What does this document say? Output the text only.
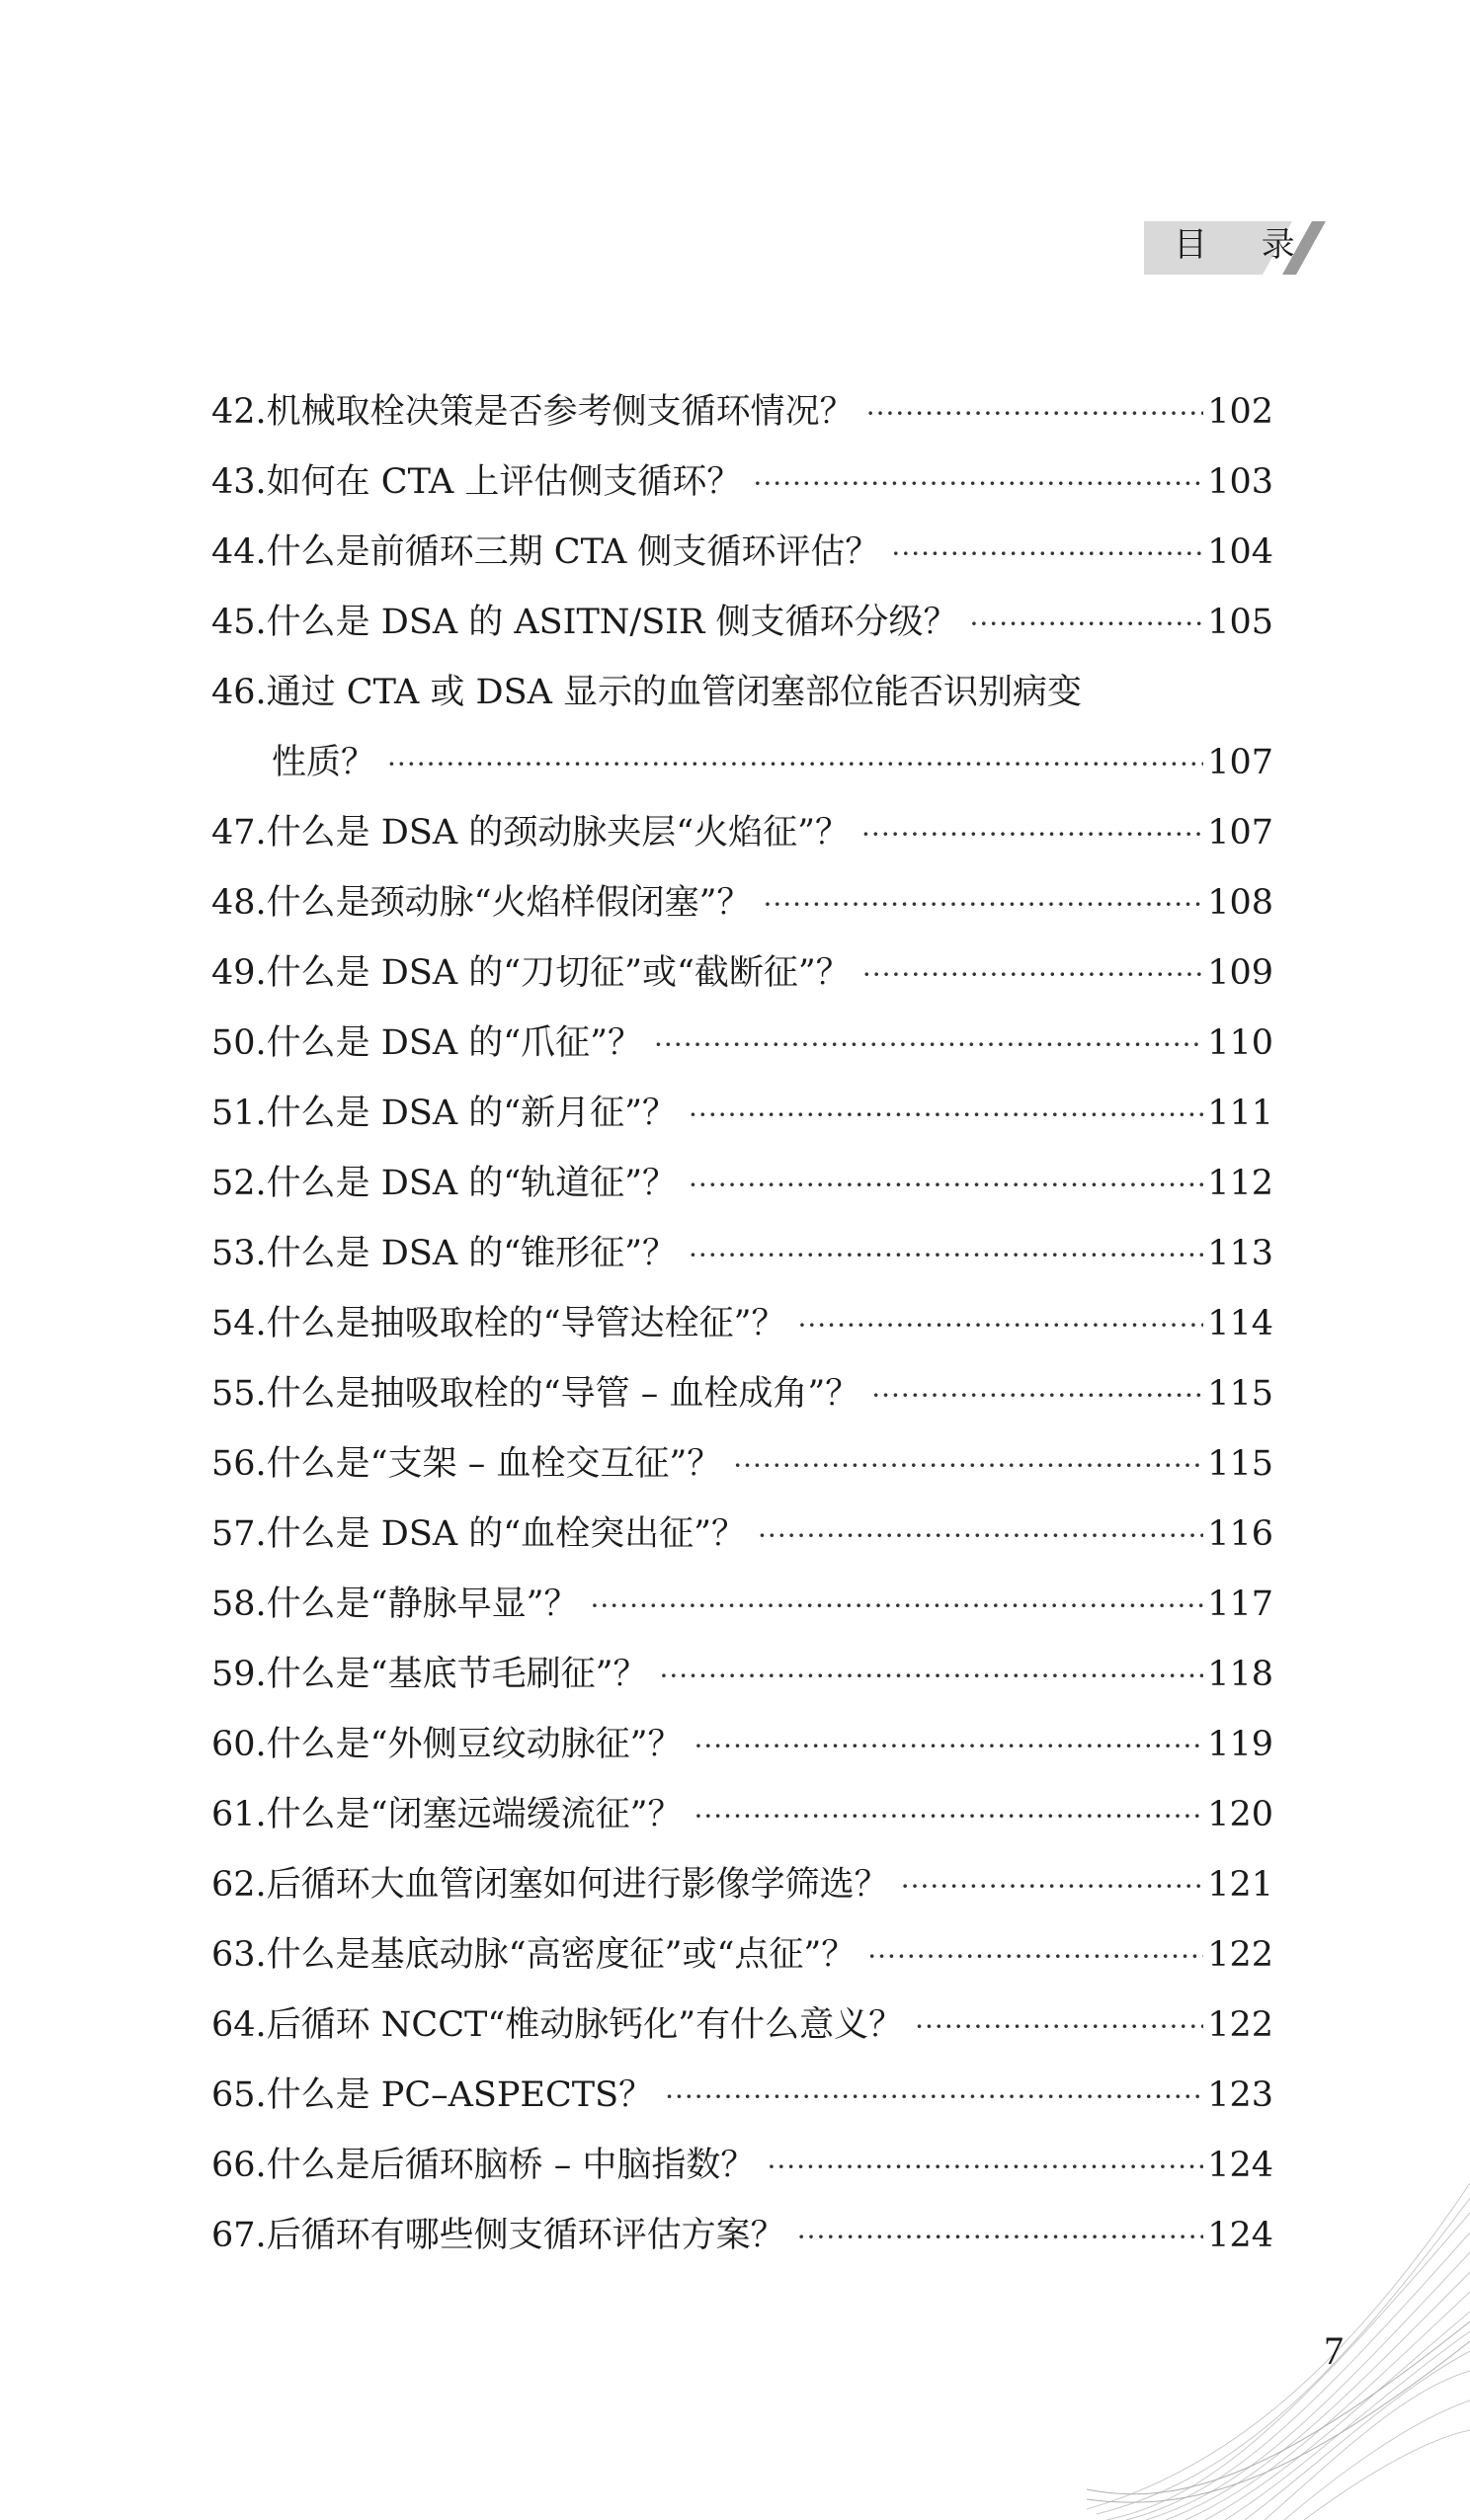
目 录
42. 机械取栓决策是否参考侧支循环情况？ ·····	102
43. 如何在 CTA 上评估侧支循环？ ·····	103
44. 什么是前循环三期 CTA 侧支循环评估？ ·····	104
45. 什么是 DSA 的 ASITN/SIR 侧支循环分级？ ·····	105
46. 通过 CTA 或 DSA 显示的血管闭塞部位能否识别病变
性质？ ·····	107
47. 什么是 DSA 的颈动脉夹层“火焰征”？ ·····	107
48. 什么是颈动脉“火焰样假闭塞”？ ·····	108
49. 什么是 DSA 的“刀切征”或“截断征”？ ·····	109
50. 什么是 DSA 的“爪征”？ ·····	110
51. 什么是 DSA 的“新月征”？ ·····	111
52. 什么是 DSA 的“轨道征”？ ·····	112
53. 什么是 DSA 的“锥形征”？ ·····	113
54. 什么是抽吸取栓的“导管达栓征”？ ·····	114
55. 什么是抽吸取栓的“导管 – 血栓成角”？ ·····	115
56. 什么是“支架 – 血栓交互征”？ ·····	115
57. 什么是 DSA 的“血栓突出征”？ ·····	116
58. 什么是“静脉早显”？ ·····	117
59. 什么是“基底节毛刷征”？ ·····	118
60. 什么是“外侧豆纹动脉征”？ ·····	119
61. 什么是“闭塞远端缓流征”？ ·····	120
62. 后循环大血管闭塞如何进行影像学筛选？ ·····	121
63. 什么是基底动脉“高密度征”或“点征”？ ·····	122
64. 后循环 NCCT“椎动脉钙化”有什么意义？ ·····	122
65. 什么是 PC–ASPECTS？ ·····	123
66. 什么是后循环脑桥 – 中脑指数？ ·····	124
67. 后循环有哪些侧支循环评估方案？ ·····	124
7
